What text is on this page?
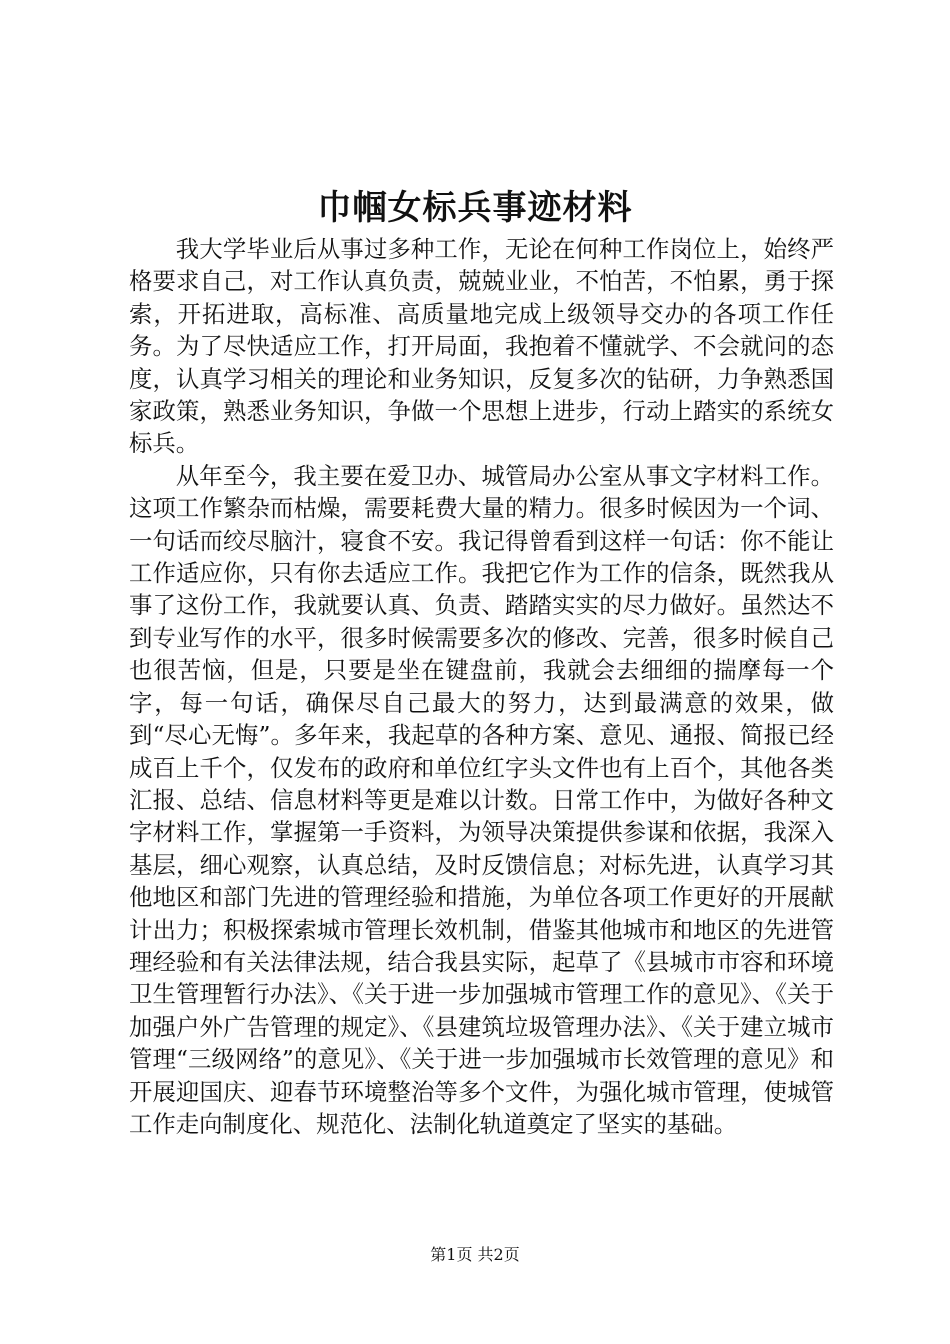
巾帼女标兵事迹材料

我大学毕业后从事过多种工作，无论在何种工作岗位上，始终严格要求自己，对工作认真负责，兢兢业业，不怕苦，不怕累，勇于探索，开拓进取，高标准、高质量地完成上级领导交办的各项工作任务。为了尽快适应工作，打开局面，我抱着不懂就学、不会就问的态度，认真学习相关的理论和业务知识，反复多次的钻研，力争熟悉国家政策，熟悉业务知识，争做一个思想上进步，行动上踏实的系统女标兵。

从年至今，我主要在爱卫办、城管局办公室从事文字材料工作。这项工作繁杂而枯燥，需要耗费大量的精力。很多时候因为一个词、一句话而绞尽脑汁，寝食不安。我记得曾看到这样一句话：你不能让工作适应你，只有你去适应工作。我把它作为工作的信条，既然我从事了这份工作，我就要认真、负责、踏踏实实的尽力做好。虽然达不到专业写作的水平，很多时候需要多次的修改、完善，很多时候自己也很苦恼，但是，只要是坐在键盘前，我就会去细细的揣摩每一个字，每一句话，确保尽自己最大的努力，达到最满意的效果，做到“尽心无悔”。多年来，我起草的各种方案、意见、通报、简报已经成百上千个，仅发布的政府和单位红字头文件也有上百个，其他各类汇报、总结、信息材料等更是难以计数。日常工作中，为做好各种文字材料工作，掌握第一手资料，为领导决策提供参谋和依据，我深入基层，细心观察，认真总结，及时反馈信息；对标先进，认真学习其他地区和部门先进的管理经验和措施，为单位各项工作更好的开展献计出力；积极探索城市管理长效机制，借鉴其他城市和地区的先进管理经验和有关法律法规，结合我县实际，起草了《县城市市容和环境卫生管理暂行办法》、《关于进一步加强城市管理工作的意见》、《关于加强户外广告管理的规定》、《县建筑垃圾管理办法》、《关于建立城市管理“三级网络”的意见》、《关于进一步加强城市长效管理的意见》和开展迎国庆、迎春节环境整治等多个文件，为强化城市管理，使城管工作走向制度化、规范化、法制化轨道奠定了坚实的基础。

第1页 共2页
